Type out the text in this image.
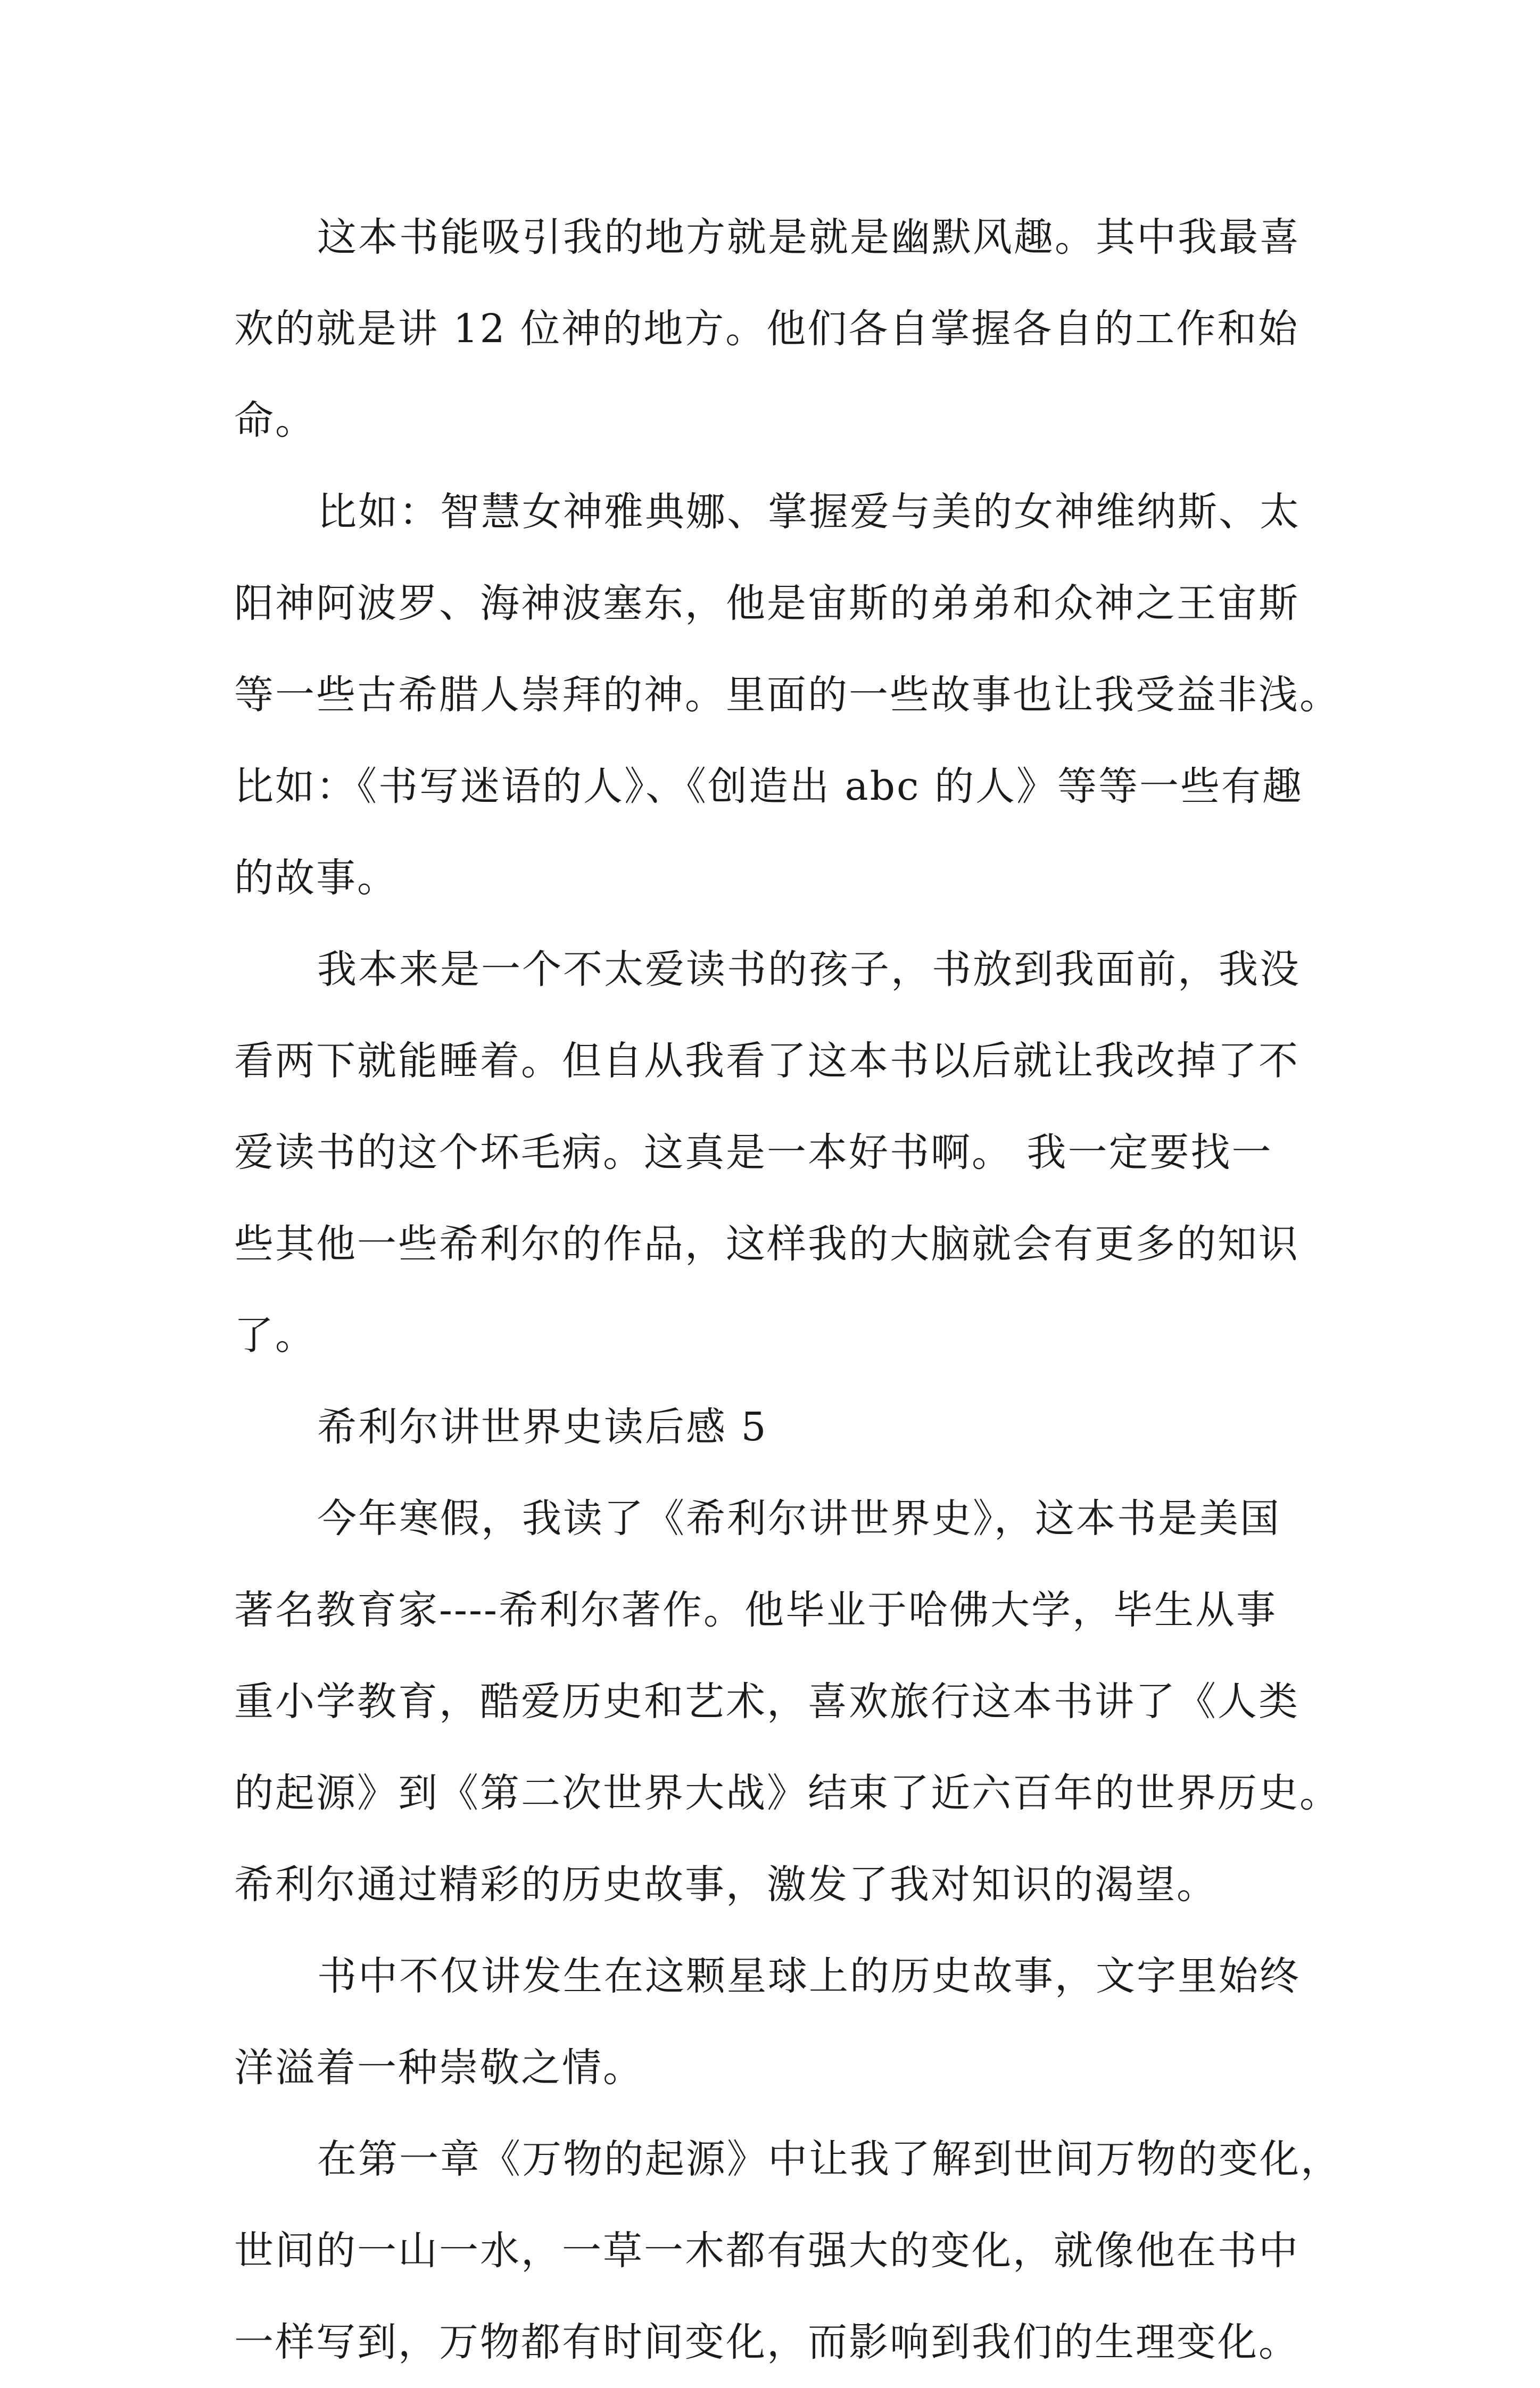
这本书能吸引我的地方就是就是幽默风趣。其中我最喜
欢的就是讲 12 位神的地方。他们各自掌握各自的工作和始
命。
比如：智慧女神雅典娜、掌握爱与美的女神维纳斯、太
阳神阿波罗、海神波塞东，他是宙斯的弟弟和众神之王宙斯
等一些古希腊人崇拜的神。里面的一些故事也让我受益非浅。
比如：《书写迷语的人》、《创造出 abc 的人》等等一些有趣
的故事。
我本来是一个不太爱读书的孩子，书放到我面前，我没
看两下就能睡着。但自从我看了这本书以后就让我改掉了不
爱读书的这个坏毛病。这真是一本好书啊。 我一定要找一
些其他一些希利尔的作品，这样我的大脑就会有更多的知识
了。
希利尔讲世界史读后感 5
今年寒假，我读了《希利尔讲世界史》，这本书是美国
著名教育家----希利尔著作。他毕业于哈佛大学，毕生从事
重小学教育，酷爱历史和艺术，喜欢旅行这本书讲了《人类
的起源》到《第二次世界大战》结束了近六百年的世界历史。
希利尔通过精彩的历史故事，激发了我对知识的渴望。
书中不仅讲发生在这颗星球上的历史故事，文字里始终
洋溢着一种崇敬之情。
在第一章《万物的起源》中让我了解到世间万物的变化，
世间的一山一水，一草一木都有强大的变化，就像他在书中
一样写到，万物都有时间变化，而影响到我们的生理变化。
